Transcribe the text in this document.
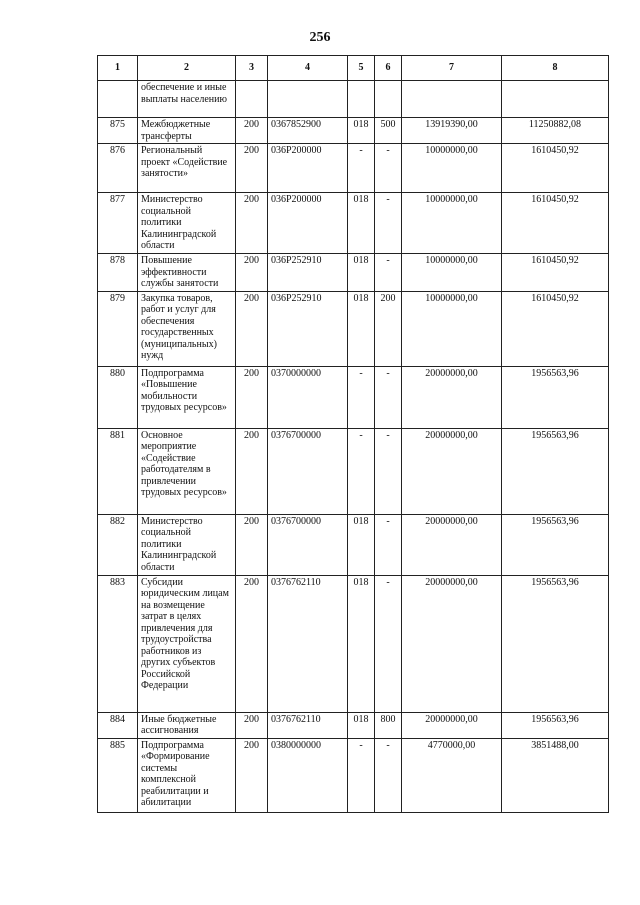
256
1	2	3	4	5	6	7	8
	обеспечение и иные выплаты населению						
875	Межбюджетные трансферты	200	0367852900	018	500	13919390,00	11250882,08
876	Региональный проект «Содействие занятости»	200	036P200000	-	-	10000000,00	1610450,92
877	Министерство социальной политики Калининградской области	200	036P200000	018	-	10000000,00	1610450,92
878	Повышение эффективности службы занятости	200	036P252910	018	-	10000000,00	1610450,92
879	Закупка товаров, работ и услуг для обеспечения государственных (муниципальных) нужд	200	036P252910	018	200	10000000,00	1610450,92
880	Подпрограмма «Повышение мобильности трудовых ресурсов»	200	0370000000	-	-	20000000,00	1956563,96
881	Основное мероприятие «Содействие работодателям в привлечении трудовых ресурсов»	200	0376700000	-	-	20000000,00	1956563,96
882	Министерство социальной политики Калининградской области	200	0376700000	018	-	20000000,00	1956563,96
883	Субсидии юридическим лицам на возмещение затрат в целях привлечения для трудоустройства работников из других субъектов Российской Федерации	200	0376762110	018	-	20000000,00	1956563,96
884	Иные бюджетные ассигнования	200	0376762110	018	800	20000000,00	1956563,96
885	Подпрограмма «Формирование системы комплексной реабилитации и абилитации	200	0380000000	-	-	4770000,00	3851488,00
